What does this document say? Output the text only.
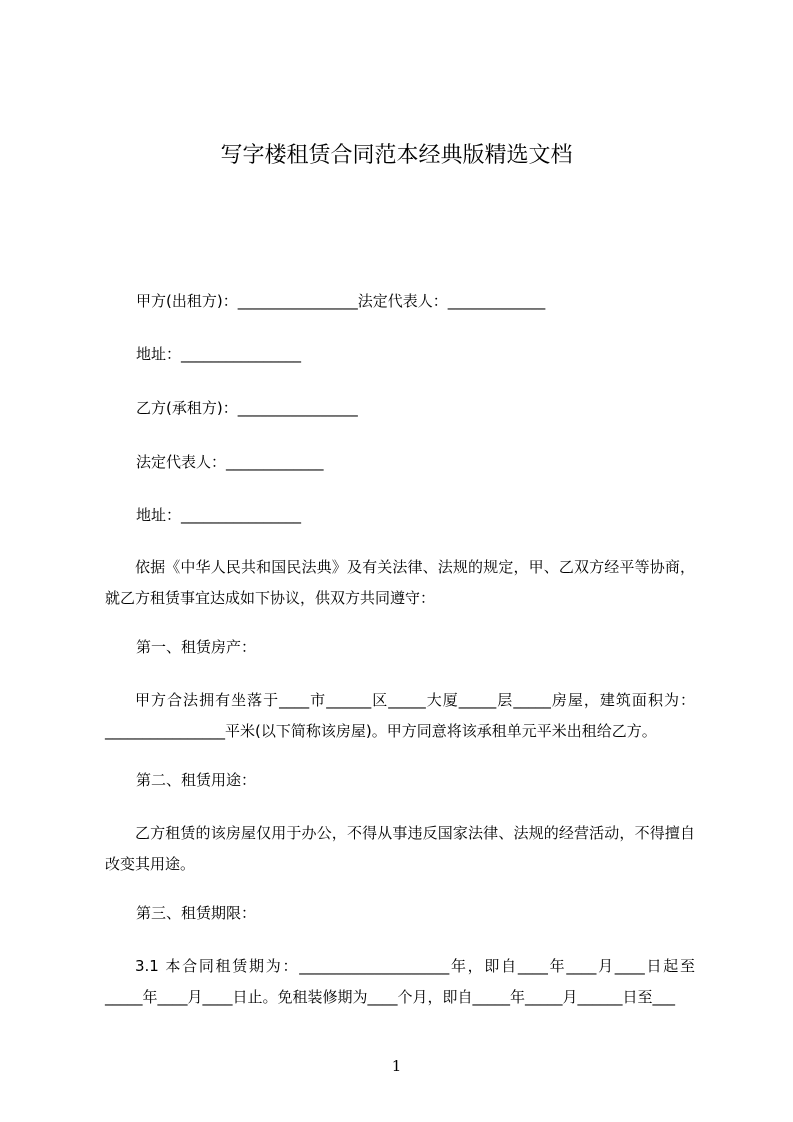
写字楼租赁合同范本经典版精选文档
甲方(出租方)：________________法定代表人：_____________
地址：________________
乙方(承租方)：________________
法定代表人：_____________
地址：________________
依据《中华人民共和国民法典》及有关法律、法规的规定，甲、乙双方经平等协商，就乙方租赁事宜达成如下协议，供双方共同遵守：
第一、租赁房产：
甲方合法拥有坐落于____市______区_____大厦_____层_____房屋，建筑面积为：________________平米(以下简称该房屋)。甲方同意将该承租单元平米出租给乙方。
第二、租赁用途：
乙方租赁的该房屋仅用于办公，不得从事违反国家法律、法规的经营活动，不得擅自改变其用途。
第三、租赁期限：
3.1 本合同租赁期为：____________________年，即自____年____月____日起至_____年____月____日止。免租装修期为____个月，即自_____年_____月______日至___
1
